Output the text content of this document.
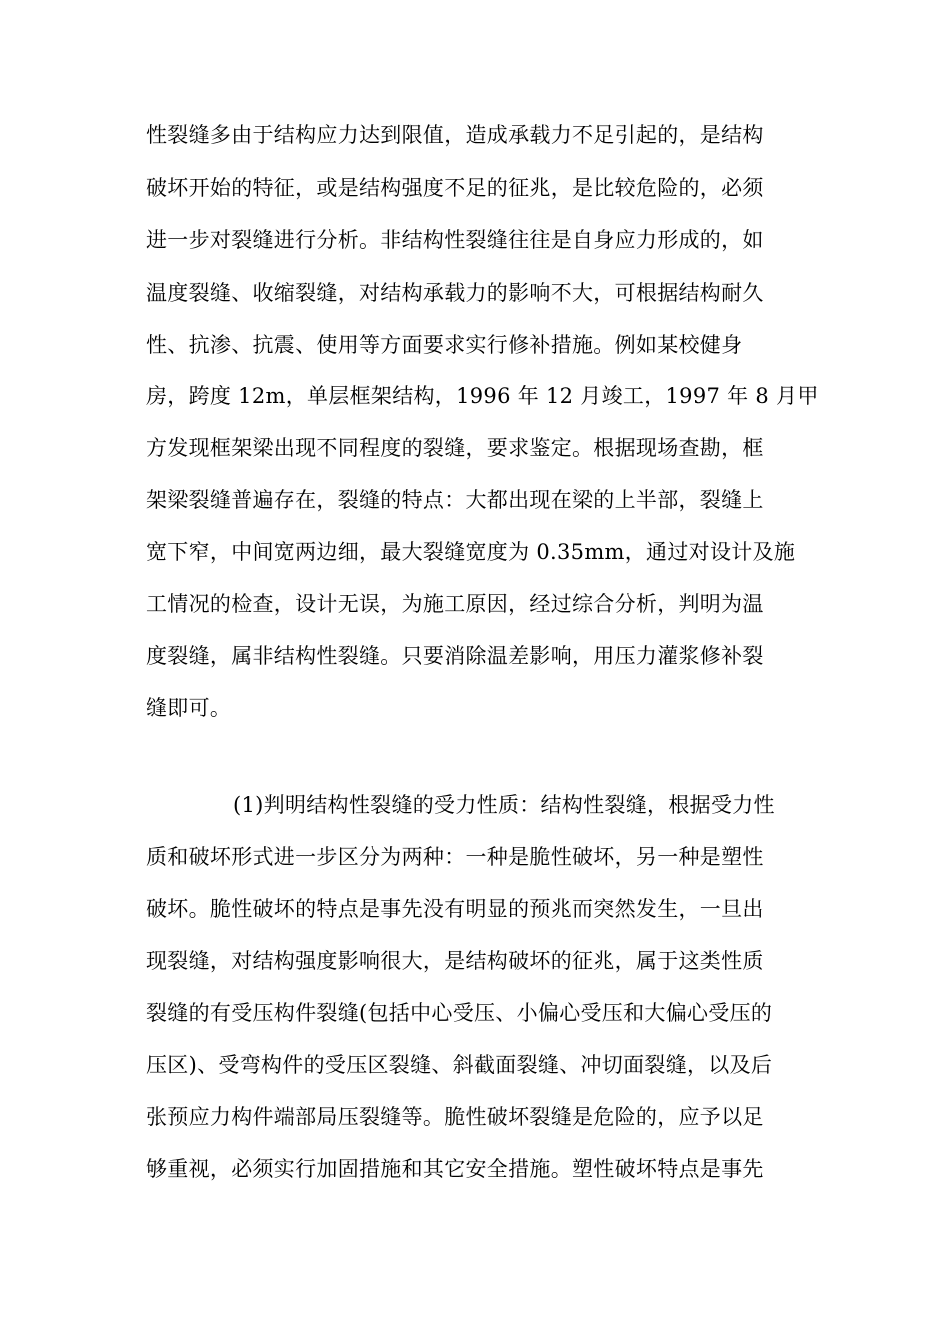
性裂缝多由于结构应力达到限值，造成承载力不足引起的，是结构
破坏开始的特征，或是结构强度不足的征兆，是比较危险的，必须
进一步对裂缝进行分析。非结构性裂缝往往是自身应力形成的，如
温度裂缝、收缩裂缝，对结构承载力的影响不大，可根据结构耐久
性、抗渗、抗震、使用等方面要求实行修补措施。例如某校健身
房，跨度 12m，单层框架结构，1996 年 12 月竣工，1997 年 8 月甲
方发现框架梁出现不同程度的裂缝，要求鉴定。根据现场查勘，框
架梁裂缝普遍存在，裂缝的特点：大都出现在梁的上半部，裂缝上
宽下窄，中间宽两边细，最大裂缝宽度为 0.35mm，通过对设计及施
工情况的检查，设计无误，为施工原因，经过综合分析，判明为温
度裂缝，属非结构性裂缝。只要消除温差影响，用压力灌浆修补裂
缝即可。
(1)判明结构性裂缝的受力性质：结构性裂缝，根据受力性
质和破坏形式进一步区分为两种：一种是脆性破坏，另一种是塑性
破坏。脆性破坏的特点是事先没有明显的预兆而突然发生，一旦出
现裂缝，对结构强度影响很大，是结构破坏的征兆，属于这类性质
裂缝的有受压构件裂缝(包括中心受压、小偏心受压和大偏心受压的
压区)、受弯构件的受压区裂缝、斜截面裂缝、冲切面裂缝，以及后
张预应力构件端部局压裂缝等。脆性破坏裂缝是危险的，应予以足
够重视，必须实行加固措施和其它安全措施。塑性破坏特点是事先
